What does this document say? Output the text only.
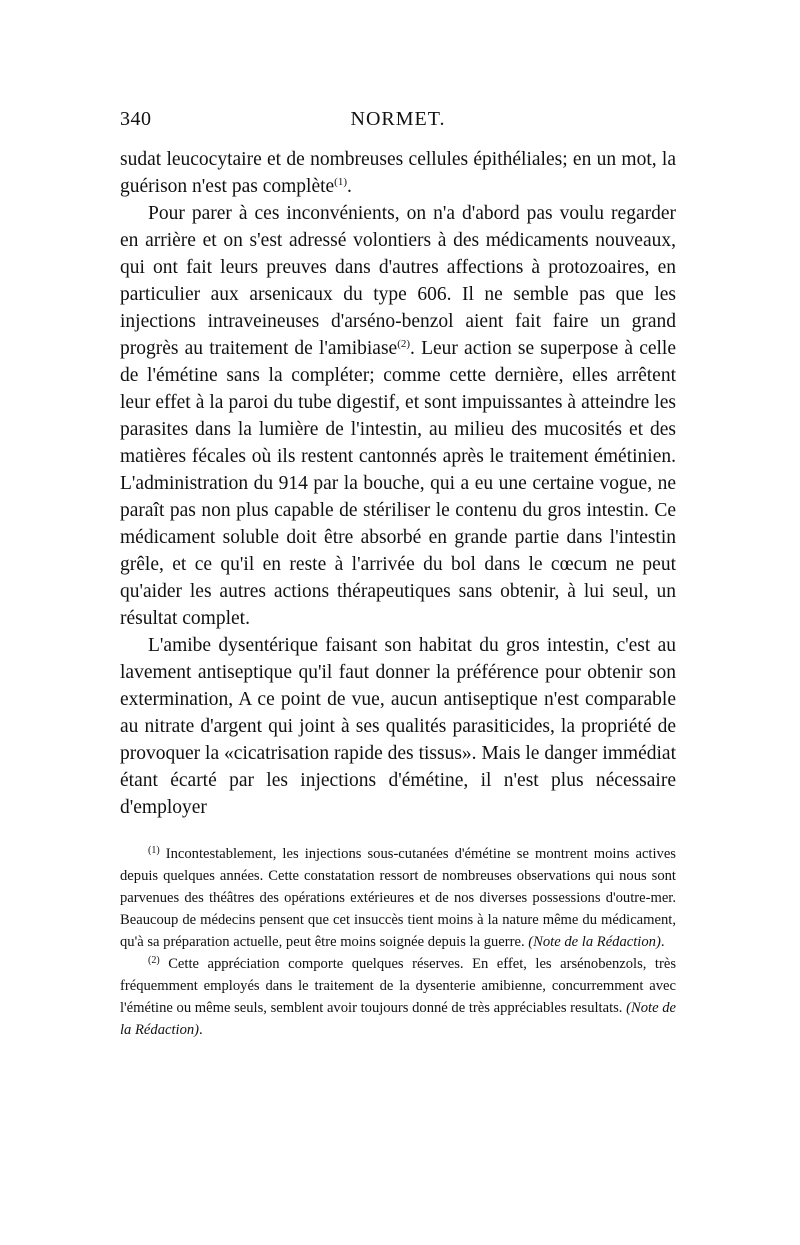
340	NORMET.

sudat leucocytaire et de nombreuses cellules épithéliales; en un mot, la guérison n'est pas complète$^{(1)}$.

Pour parer à ces inconvénients, on n'a d'abord pas voulu regarder en arrière et on s'est adressé volontiers à des médicaments nouveaux, qui ont fait leurs preuves dans d'autres affections à protozoaires, en particulier aux arsenicaux du type 606. Il ne semble pas que les injections intraveineuses d'arséno-benzol aient fait faire un grand progrès au traitement de l'amibiase$^{(2)}$. Leur action se superpose à celle de l'émétine sans la compléter; comme cette dernière, elles arrêtent leur effet à la paroi du tube digestif, et sont impuissantes à atteindre les parasites dans la lumière de l'intestin, au milieu des mucosités et des matières fécales où ils restent cantonnés après le traitement émétinien. L'administration du 914 par la bouche, qui a eu une certaine vogue, ne paraît pas non plus capable de stériliser le contenu du gros intestin. Ce médicament soluble doit être absorbé en grande partie dans l'intestin grêle, et ce qu'il en reste à l'arrivée du bol dans le cœcum ne peut qu'aider les autres actions thérapeutiques sans obtenir, à lui seul, un résultat complet.

L'amibe dysentérique faisant son habitat du gros intestin, c'est au lavement antiseptique qu'il faut donner la préférence pour obtenir son extermination, A ce point de vue, aucun antiseptique n'est comparable au nitrate d'argent qui joint à ses qualités parasiticides, la propriété de provoquer la «cicatrisation rapide des tissus». Mais le danger immédiat étant écarté par les injections d'émétine, il n'est plus nécessaire d'employer

$^{(1)}$ Incontestablement, les injections sous-cutanées d'émétine se montrent moins actives depuis quelques années. Cette constatation ressort de nombreuses observations qui nous sont parvenues des théâtres des opérations extérieures et de nos diverses possessions d'outre-mer. Beaucoup de médecins pensent que cet insuccès tient moins à la nature même du médicament, qu'à sa préparation actuelle, peut être moins soignée depuis la guerre. (Note de la Rédaction).

$^{(2)}$ Cette appréciation comporte quelques réserves. En effet, les arsénobenzols, très fréquemment employés dans le traitement de la dysenterie amibienne, concurremment avec l'émétine ou même seuls, semblent avoir toujours donné de très appréciables resultats. (Note de la Rédaction).
